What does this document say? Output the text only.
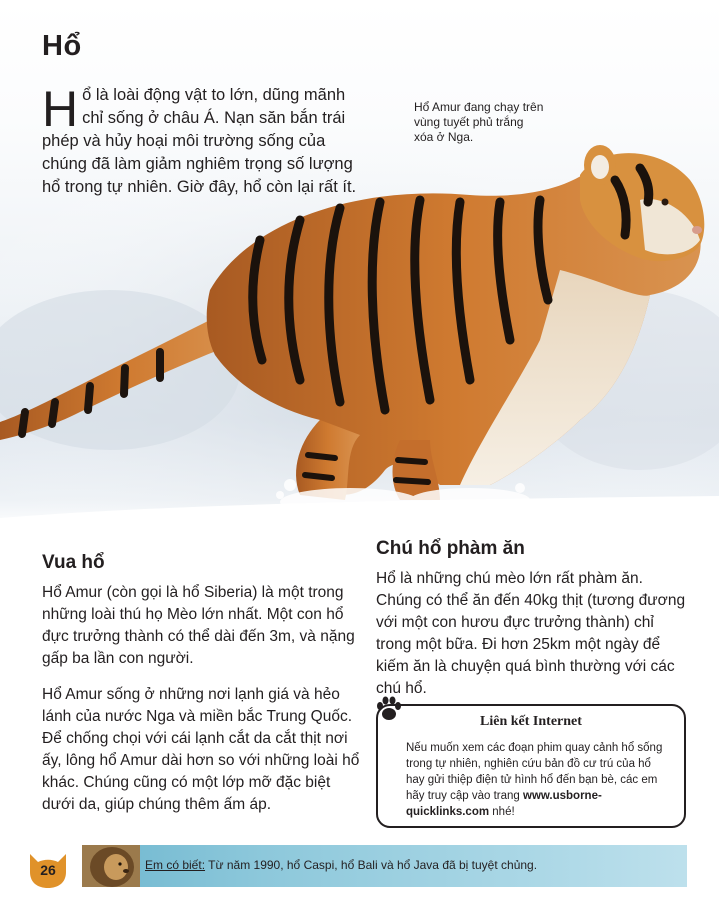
Hổ

Hổ là loài động vật to lớn, dũng mãnh chỉ sống ở châu Á. Nạn săn bắn trái phép và hủy hoại môi trường sống của chúng đã làm giảm nghiêm trọng số lượng hổ trong tự nhiên. Giờ đây, hổ còn lại rất ít.

Hổ Amur đang chạy trên vùng tuyết phủ trắng xóa ở Nga.

Vua hổ

Hổ Amur (còn gọi là hổ Siberia) là một trong những loài thú họ Mèo lớn nhất. Một con hổ đực trưởng thành có thể dài đến 3m, và nặng gấp ba lần con người.

Hổ Amur sống ở những nơi lạnh giá và hẻo lánh của nước Nga và miền bắc Trung Quốc. Để chống chọi với cái lạnh cắt da cắt thịt nơi ấy, lông hổ Amur dài hơn so với những loài hổ khác. Chúng cũng có một lớp mỡ đặc biệt dưới da, giúp chúng thêm ấm áp.

Chú hổ phàm ăn

Hổ là những chú mèo lớn rất phàm ăn. Chúng có thể ăn đến 40kg thịt (tương đương với một con hươu đực trưởng thành) chỉ trong một bữa. Đi hơn 25km một ngày để kiếm ăn là chuyện quá bình thường với các chú hổ.

Liên kết Internet

Nếu muốn xem các đoạn phim quay cảnh hổ sống trong tự nhiên, nghiên cứu bản đồ cư trú của hổ hay gửi thiệp điện tử hình hổ đến bạn bè, các em hãy truy cập vào trang www.usborne-quicklinks.com nhé!

Em có biết: Từ năm 1990, hổ Caspi, hổ Bali và hổ Java đã bị tuyệt chủng.

26
